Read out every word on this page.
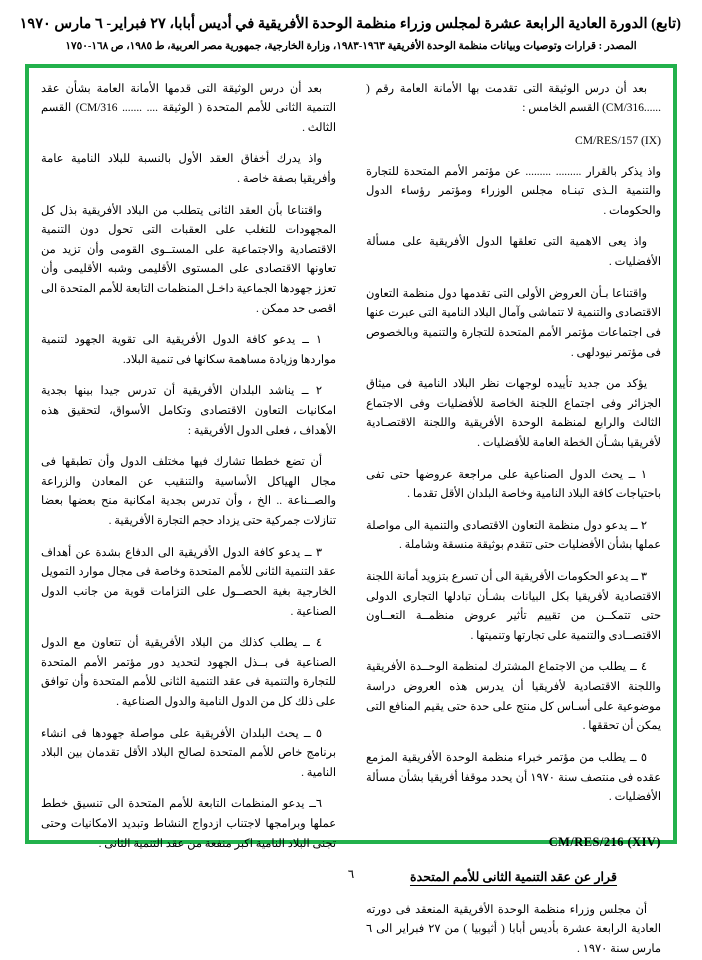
(تابع) الدورة العادية الرابعة عشرة لمجلس وزراء منظمة الوحدة الأفريقية في أديس أبابا، ٢٧ فبراير- ٦ مارس ١٩٧٠
المصدر : قرارات وتوصيات وبيانات منظمة الوحدة الأفريقية ١٩٦٣-١٩٨٣، وزارة الخارجية، جمهورية مصر العربية، ط ١٩٨٥، ص ١٦٨-١٧٥٠

بعد أن درس الوثيقة التى تقدمت بها الأمانة العامة رقم ( ......CM/316) القسم الخامس :

CM/RES/157 (IX)

واذ يذكر بالقرار ......... ......... عن مؤتمر الأمم المتحدة للتجارة والتنمية الـذى تبنـاه مجلس الوزراء ومؤتمر رؤساء الدول والحكومات .

واذ يعى الاهمية التى تعلقها الدول الأفريقية على مسألة الأفضليات .

واقتناعا بـأن العروض الأولى التى تقدمها دول منظمة التعاون الاقتصادى والتنمية لا تتماشى وآمال البلاد النامية التى عبرت عنها فى اجتماعات مؤتمر الأمم المتحدة للتجارة والتنمية وبالخصوص فى مؤتمر نيودلهى .

يؤكد من جديد تأييده لوجهات نظر البلاد النامية فى ميثاق الجزائر وفى اجتماع اللجنة الخاصة للأفضليات وفى الاجتماع الثالث والرابع لمنظمة الوحدة الأفريقية واللجنة الاقتصـادية لأفريقيا بشـأن الخطة العامة للأفضليات .

١ ــ يحث الدول الصناعية على مراجعة عروضها حتى تفى باحتياجات كافة البلاد النامية وخاصة البلدان الأقل تقدما .

٢ ــ يدعو دول منظمة التعاون الاقتصادى والتنمية الى مواصلة عملها بشأن الأفضليات حتى تتقدم بوثيقة منسقة وشاملة .

٣ ــ يدعو الحكومات الأفريقية الى أن تسرع بتزويد أمانة اللجنة الاقتصادية لأفريقيا بكل البيانات بشـأن تبادلها التجارى الدولى حتى تتمكــن من تقييم تأثير عروض منظمــة التعــاون الاقتصــادى والتنمية على تجارتها وتنميتها .

٤ ــ يطلب من الاجتماع المشترك لمنظمة الوحــدة الأفريقية واللجنة الاقتصادية لأفريقيا أن يدرس هذه العروض دراسة موضوعية على أسـاس كل منتج على حدة حتى يقيم المنافع التى يمكن أن تحققها .

٥ ــ يطلب من مؤتمر خبراء منظمة الوحدة الأفريقية المزمع عقده فى منتصف سنة ١٩٧٠ أن يحدد موقفا أفريقيا بشأن مسألة الأفضليات .

CM/RES/216 (XIV)

قرار عن عقد التنمية الثانى للأمم المتحدة

أن مجلس وزراء منظمة الوحدة الأفريقية المنعقد فى دورته العادية الرابعة عشرة بأديس أبابا ( أثيوبيا ) من ٢٧ فبراير الى ٦ مارس سنة ١٩٧٠ .

بعد أن درس الوثيقة التى قدمها الأمانة العامة بشأن عقد التنمية الثانى للأمم المتحدة ( الوثيقة .... ....... CM/316) القسم الثالث .

واذ يدرك أخفاق العقد الأول بالنسبة للبلاد النامية عامة وأفريقيا بصفة خاصة .

واقتناعا بأن العقد الثانى يتطلب من البلاد الأفريقية بذل كل المجهودات للتغلب على العقبات التى تحول دون التنمية الاقتصادية والاجتماعية على المستــوى القومى وأن تزيد من تعاونها الاقتصادى على المستوى الأقليمى وشبه الأقليمى وأن تعزز جهودها الجماعية داخـل المنظمات التابعة للأمم المتحدة الى اقصى حد ممكن .

١ ــ يدعو كافة الدول الأفريقية الى تقوية الجهود لتنمية مواردها وزيادة مساهمة سكانها فى تنمية البلاد.

٢ ــ يناشد البلدان الأفريقية أن تدرس جيدا بينها بجدية امكانيات التعاون الاقتصادى وتكامل الأسواق، لتحقيق هذه الأهداف ، فعلى الدول الأفريقية :

أن تضع خططا تشارك فيها مختلف الدول وأن تطبقها فى مجال الهياكل الأساسية والتنقيب عن المعادن والزراعة والصــناعة .. الخ ، وأن تدرس بجدية امكانية منح بعضها بعضا تنازلات جمركية حتى يزداد حجم التجارة الأفريقية .

٣ ــ يدعو كافة الدول الأفريقية الى الدفاع بشدة عن أهداف عقد التنمية الثانى للأمم المتحدة وخاصة فى مجال موارد التمويل الخارجية بغية الحصــول على التزامات قوية من جانب الدول الصناعية .

٤ ــ يطلب كذلك من البلاد الأفريقية أن تتعاون مع الدول الصناعية فى بــذل الجهود لتحديد دور مؤتمر الأمم المتحدة للتجارة والتنمية فى عقد التنمية الثانى للأمم المتحدة وأن توافق على ذلك كل من الدول النامية والدول الصناعية .

٥ ــ يحث البلدان الأفريقية على مواصلة جهودها فى انشاء برنامج خاص للأمم المتحدة لصالح البلاد الأقل تقدمان بين البلاد النامية .

٦ــ يدعو المنظمات التابعة للأمم المتحدة الى تنسيق خطط عملها وبرامجها لاجتناب ازدواج النشاط وتبديد الامكانيات وحتى تجنى البلاد النامية اكبر منفعة من عقد التنمية الثانى .

٦
